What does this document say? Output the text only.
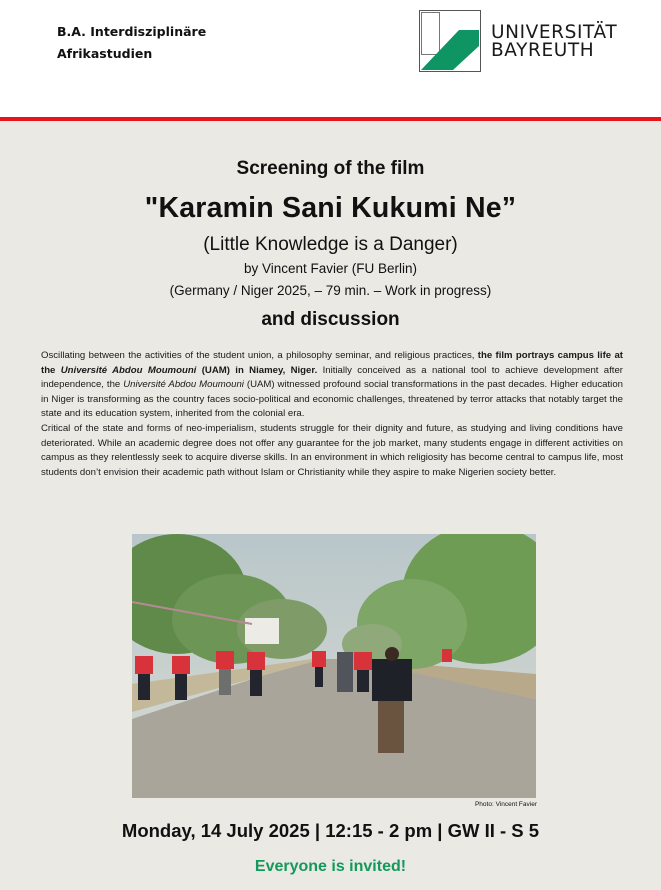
B.A. Interdisziplinäre
Afrikastudien
UNIVERSITÄT
BAYREUTH
Screening of the film
"Karamin Sani Kukumi Ne”
(Little Knowledge is a Danger)
by Vincent Favier (FU Berlin)
(Germany / Niger 2025, – 79 min. – Work in progress)
and discussion

Oscillating between the activities of the student union, a philosophy seminar, and religious practices, the film portrays campus life at the Université Abdou Moumouni (UAM) in Niamey, Niger. Initially conceived as a national tool to achieve development after independence, the Université Abdou Moumouni (UAM) witnessed profound social transformations in the past decades. Higher education in Niger is transforming as the country faces socio-political and economic challenges, threatened by terror attacks that notably target the state and its education system, inherited from the colonial era.

Critical of the state and forms of neo-imperialism, students struggle for their dignity and future, as studying and living conditions have deteriorated. While an academic degree does not offer any guarantee for the job market, many students engage in different activities on campus as they relentlessly seek to acquire diverse skills. In an environment in which religiosity has become central to campus life, most students don’t envision their academic path without Islam or Christianity while they aspire to make Nigerien society better.

Photo: Vincent Favier
Monday, 14 July 2025 | 12:15 - 2 pm | GW II - S 5
Everyone is invited!
